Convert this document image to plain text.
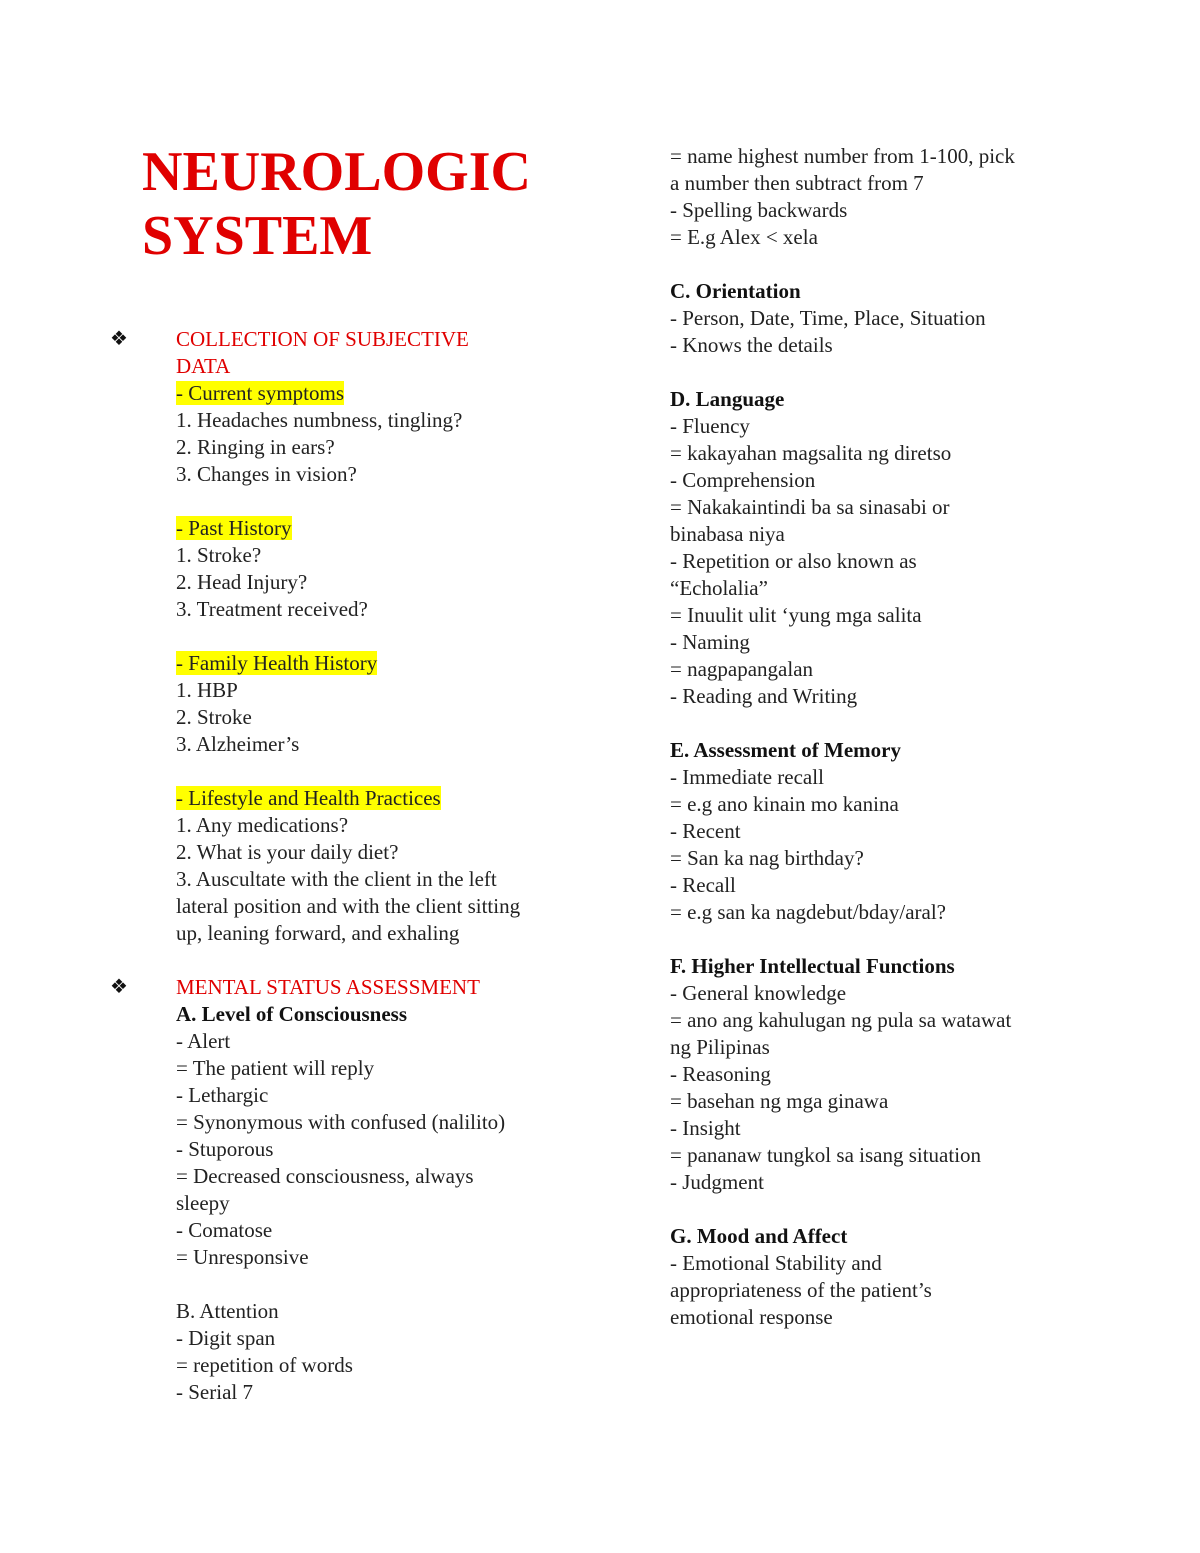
NEUROLOGIC
SYSTEM
❖ COLLECTION OF SUBJECTIVE
DATA
- Current symptoms
1. Headaches numbness, tingling?
2. Ringing in ears?
3. Changes in vision?
- Past History
1. Stroke?
2. Head Injury?
3. Treatment received?
- Family Health History
1. HBP
2. Stroke
3. Alzheimer’s
- Lifestyle and Health Practices
1. Any medications?
2. What is your daily diet?
3. Auscultate with the client in the left
lateral position and with the client sitting
up, leaning forward, and exhaling
❖ MENTAL STATUS ASSESSMENT
A. Level of Consciousness
- Alert
= The patient will reply
- Lethargic
= Synonymous with confused (nalilito)
- Stuporous
= Decreased consciousness, always
sleepy
- Comatose
= Unresponsive
B. Attention
- Digit span
= repetition of words
- Serial 7
= name highest number from 1-100, pick
a number then subtract from 7
- Spelling backwards
= E.g Alex < xela
C. Orientation
- Person, Date, Time, Place, Situation
- Knows the details
D. Language
- Fluency
= kakayahan magsalita ng diretso
- Comprehension
= Nakakaintindi ba sa sinasabi or
binabasa niya
- Repetition or also known as
“Echolalia”
= Inuulit ulit ‘yung mga salita
- Naming
= nagpapangalan
- Reading and Writing
E. Assessment of Memory
- Immediate recall
= e.g ano kinain mo kanina
- Recent
= San ka nag birthday?
- Recall
= e.g san ka nagdebut/bday/aral?
F. Higher Intellectual Functions
- General knowledge
= ano ang kahulugan ng pula sa watawat
ng Pilipinas
- Reasoning
= basehan ng mga ginawa
- Insight
= pananaw tungkol sa isang situation
- Judgment
G. Mood and Affect
- Emotional Stability and
appropriateness of the patient’s
emotional response
